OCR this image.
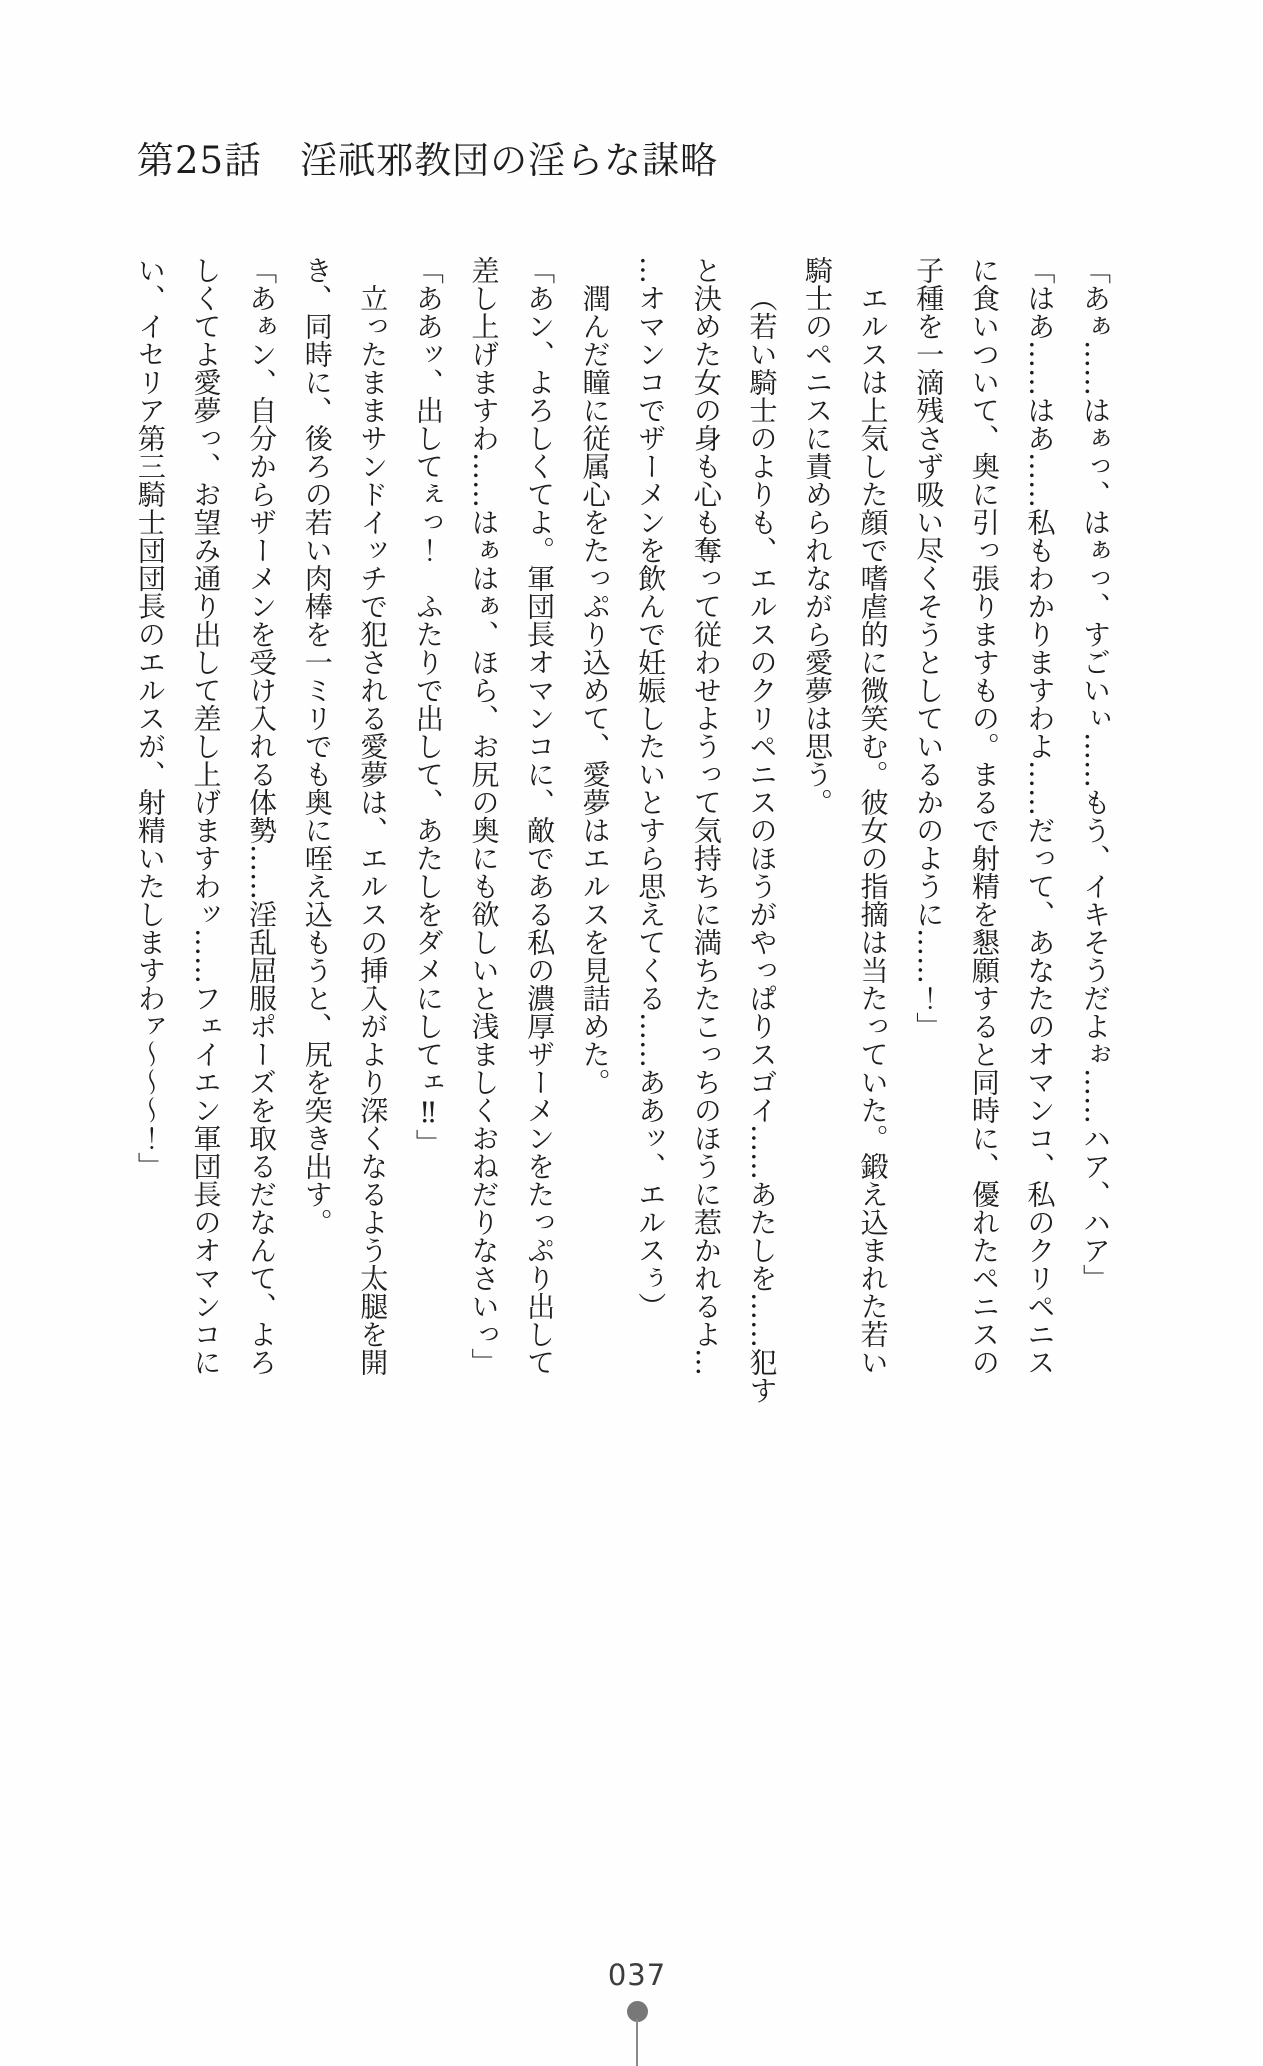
第25話　淫祇邪教団の淫らな謀略

「あぁ……はぁっ、はぁっ、すごいぃ……もう、イキそうだよぉ……ハア、ハア」

「はあ……はあ……私もわかりますわよ……だって、あなたのオマンコ、私のクリペニス

に食いついて、奥に引っ張りますもの。まるで射精を懇願すると同時に、優れたペニスの

子種を一滴残さず吸い尽くそうとしているかのように……！」

エルスは上気した顔で嗜虐的に微笑む。彼女の指摘は当たっていた。鍛え込まれた若い

騎士のペニスに責められながら愛夢は思う。

（若い騎士のよりも、エルスのクリペニスのほうがやっぱりスゴイ……あたしを……犯す

と決めた女の身も心も奪って従わせようって気持ちに満ちたこっちのほうに惹かれるよ…

…オマンコでザーメンを飲んで妊娠したいとすら思えてくる……ああッ、エルスぅ）

潤んだ瞳に従属心をたっぷり込めて、愛夢はエルスを見詰めた。

「あン、よろしくてよ。軍団長オマンコに、敵である私の濃厚ザーメンをたっぷり出して

差し上げますわ……はぁはぁ、ほら、お尻の奥にも欲しいと浅ましくおねだりなさいっ」

「ああッ、出してぇっ！　ふたりで出して、あたしをダメにしてェ‼」

立ったままサンドイッチで犯される愛夢は、エルスの挿入がより深くなるよう太腿を開

き、同時に、後ろの若い肉棒を一ミリでも奥に咥え込もうと、尻を突き出す。

「あぁン、自分からザーメンを受け入れる体勢……淫乱屈服ポーズを取るだなんて、よろ

しくてよ愛夢っ、お望み通り出して差し上げますわッ……フェイエン軍団長のオマンコに

い、イセリア第三騎士団団長のエルスが、射精いたしますわァ～～～！」

037
